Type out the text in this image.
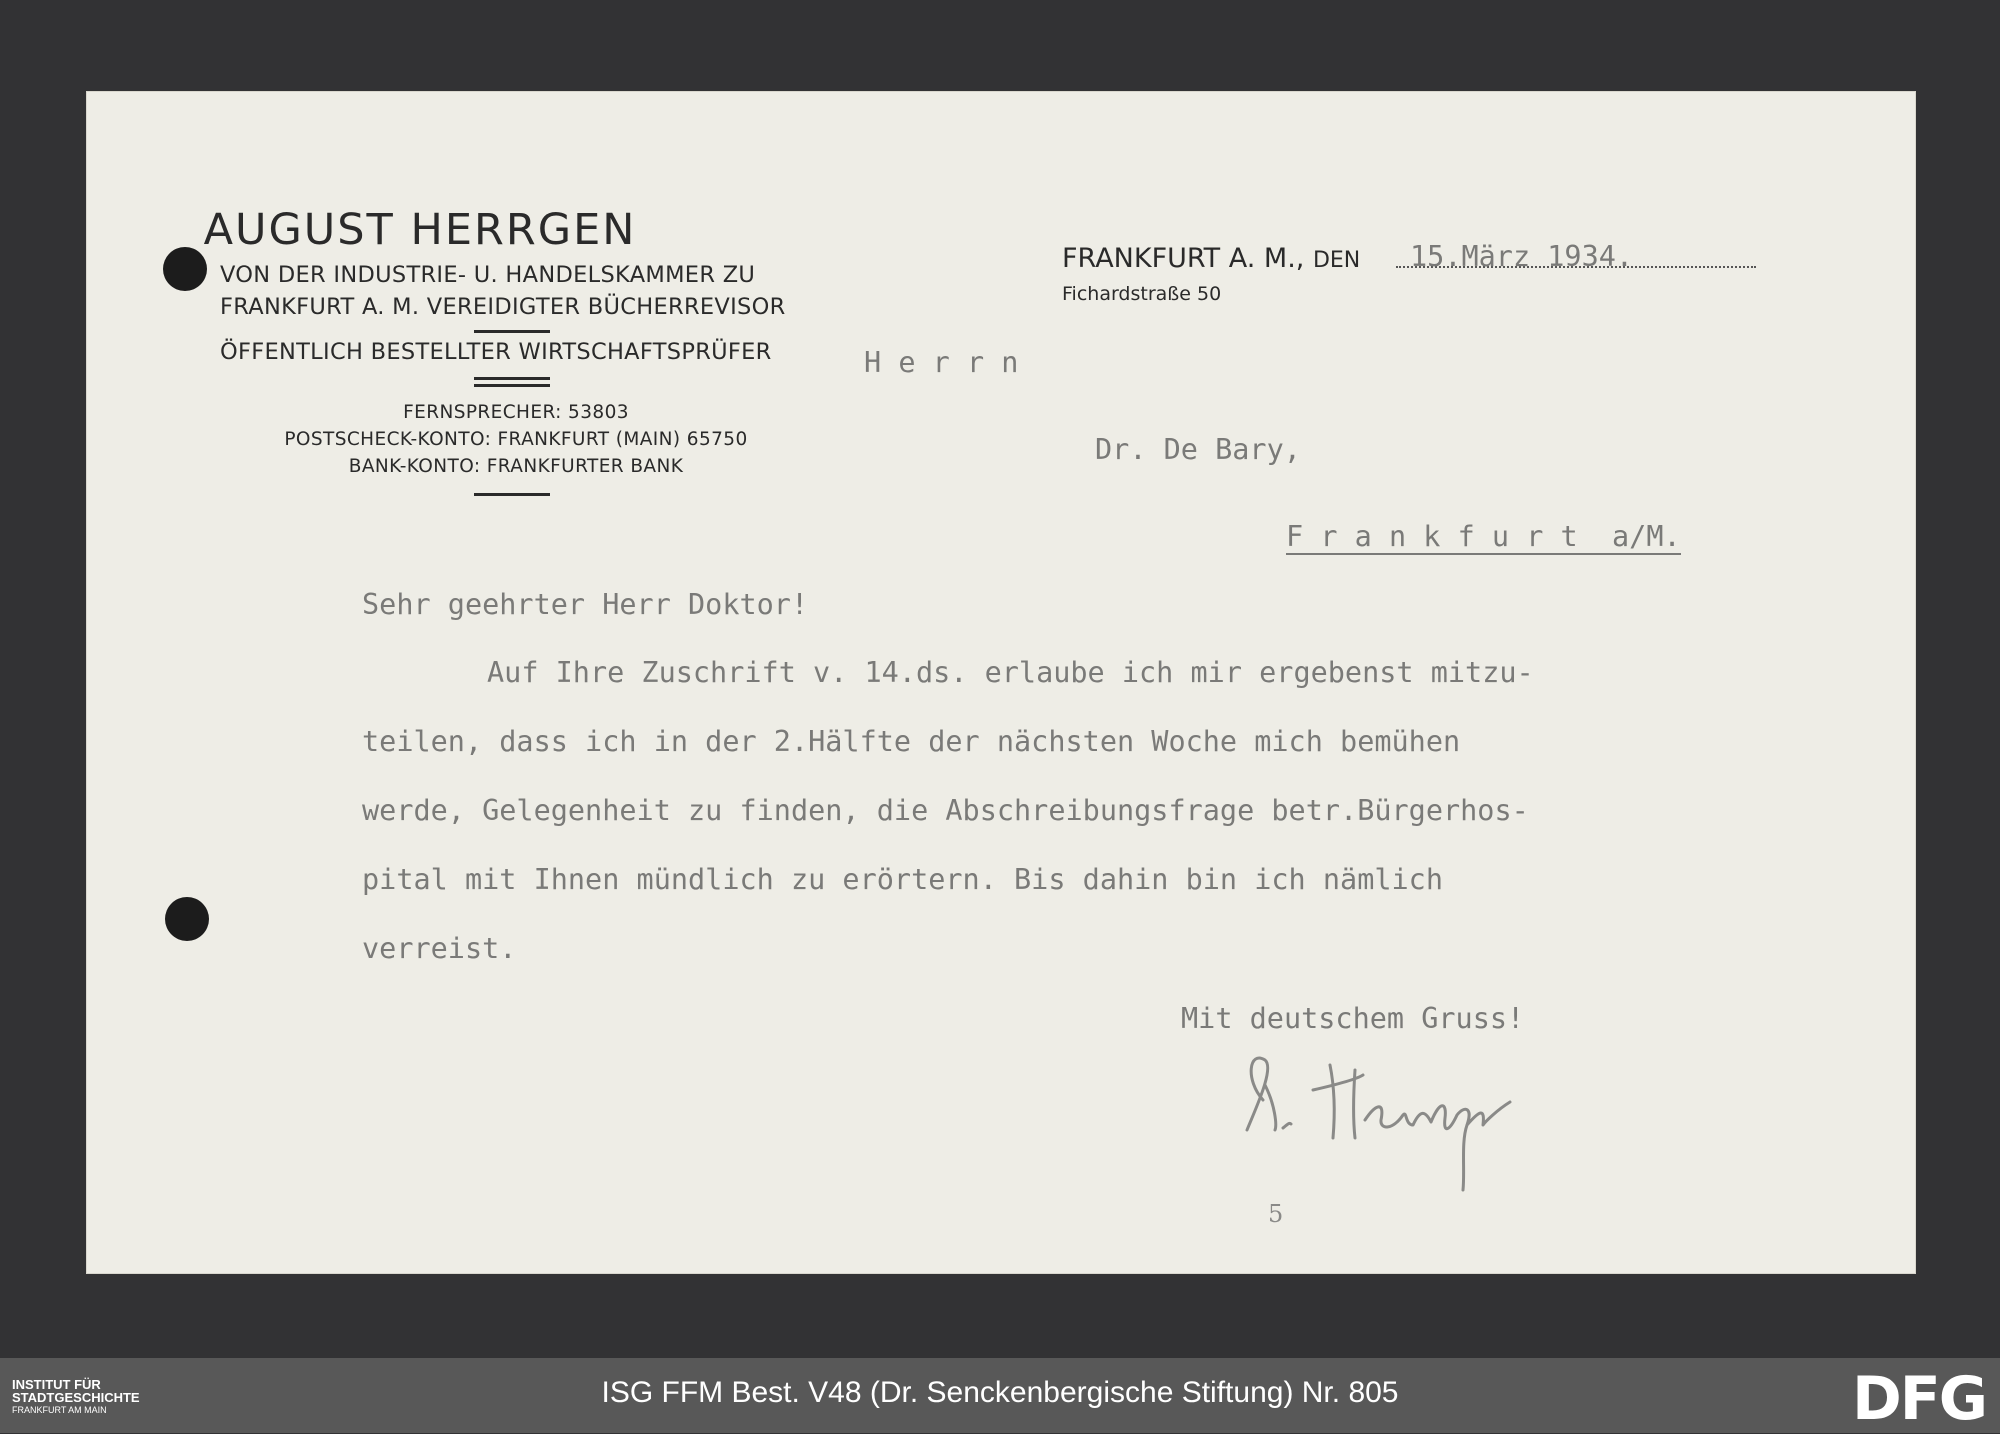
AUGUST HERRGEN
VON DER INDUSTRIE- U. HANDELSKAMMER ZU
FRANKFURT A. M. VEREIDIGTER BÜCHERREVISOR
ÖFFENTLICH BESTELLTER WIRTSCHAFTSPRÜFER
FERNSPRECHER: 53803
POSTSCHECK-KONTO: FRANKFURT (MAIN) 65750
BANK-KONTO: FRANKFURTER BANK
FRANKFURT A. M., DEN 15.März 1934.
Fichardstraße 50
H e r r n
Dr. De Bary,
F r a n k f u r t  a/M.
Sehr geehrter Herr Doktor!
Auf Ihre Zuschrift v. 14.ds. erlaube ich mir ergebenst mitzu-
teilen, dass ich in der 2.Hälfte der nächsten Woche mich bemühen
werde, Gelegenheit zu finden, die Abschreibungsfrage betr.Bürgerhos-
pital mit Ihnen mündlich zu erörtern. Bis dahin bin ich nämlich
verreist.
Mit deutschem Gruss!
5
INSTITUT FÜR
STADTGESCHICHTE
FRANKFURT AM MAIN
ISG FFM Best. V48 (Dr. Senckenbergische Stiftung) Nr. 805	DFG
